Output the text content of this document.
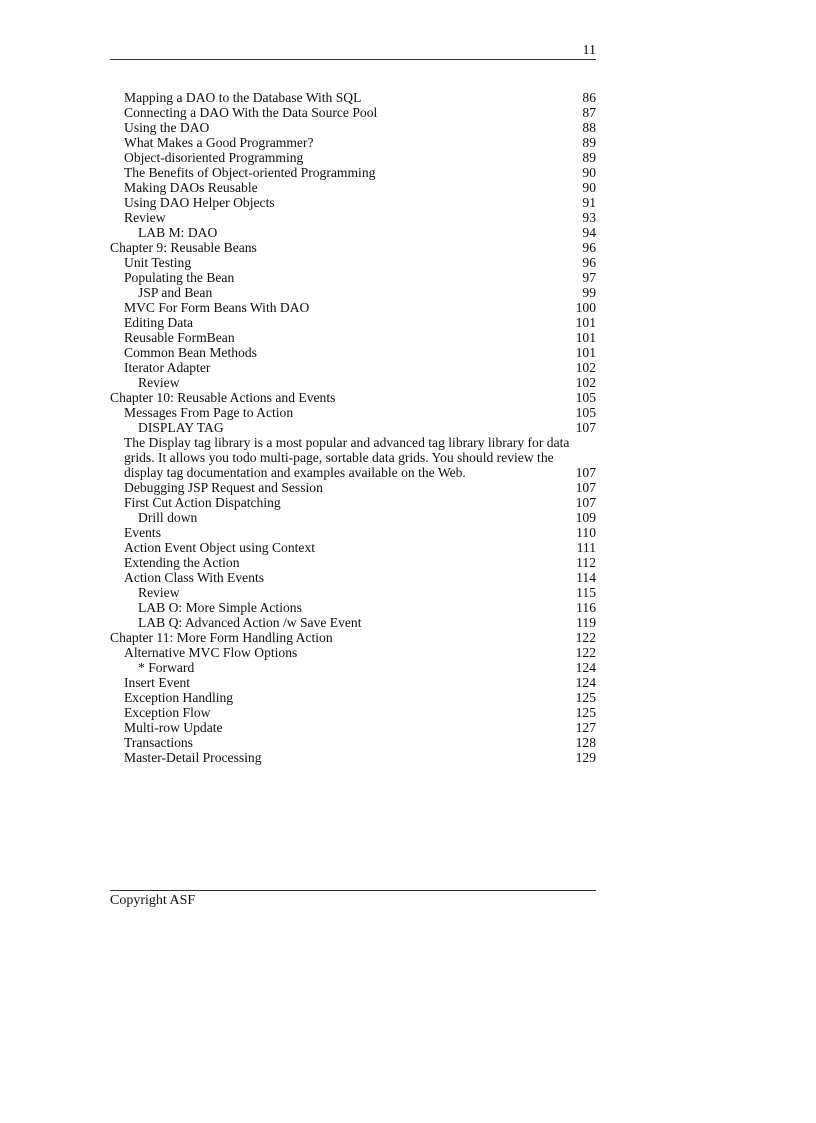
11
Mapping a DAO to the Database With SQL	86
Connecting a DAO With the Data Source Pool	87
Using the DAO	88
What Makes a Good Programmer?	89
Object-disoriented Programming	89
The Benefits of Object-oriented Programming	90
Making DAOs Reusable	90
Using DAO Helper Objects	91
Review	93
LAB M: DAO	94
Chapter 9: Reusable Beans	96
Unit Testing	96
Populating the Bean	97
JSP and Bean	99
MVC For Form Beans With DAO	100
Editing Data	101
Reusable FormBean	101
Common Bean Methods	101
Iterator Adapter	102
Review	102
Chapter 10: Reusable Actions and Events	105
Messages From Page to Action	105
DISPLAY TAG	107
The Display tag library is a most popular and advanced tag library library for data grids. It allows you todo multi-page, sortable data grids. You should review the display tag documentation and examples available on the Web.	107
Debugging JSP Request and Session	107
First Cut Action Dispatching	107
Drill down	109
Events	110
Action Event Object using Context	111
Extending the Action	112
Action Class With Events	114
Review	115
LAB O: More Simple Actions	116
LAB Q: Advanced Action /w Save Event	119
Chapter 11: More Form Handling Action	122
Alternative MVC Flow Options	122
* Forward	124
Insert Event	124
Exception Handling	125
Exception Flow	125
Multi-row Update	127
Transactions	128
Master-Detail Processing	129
Copyright ASF
